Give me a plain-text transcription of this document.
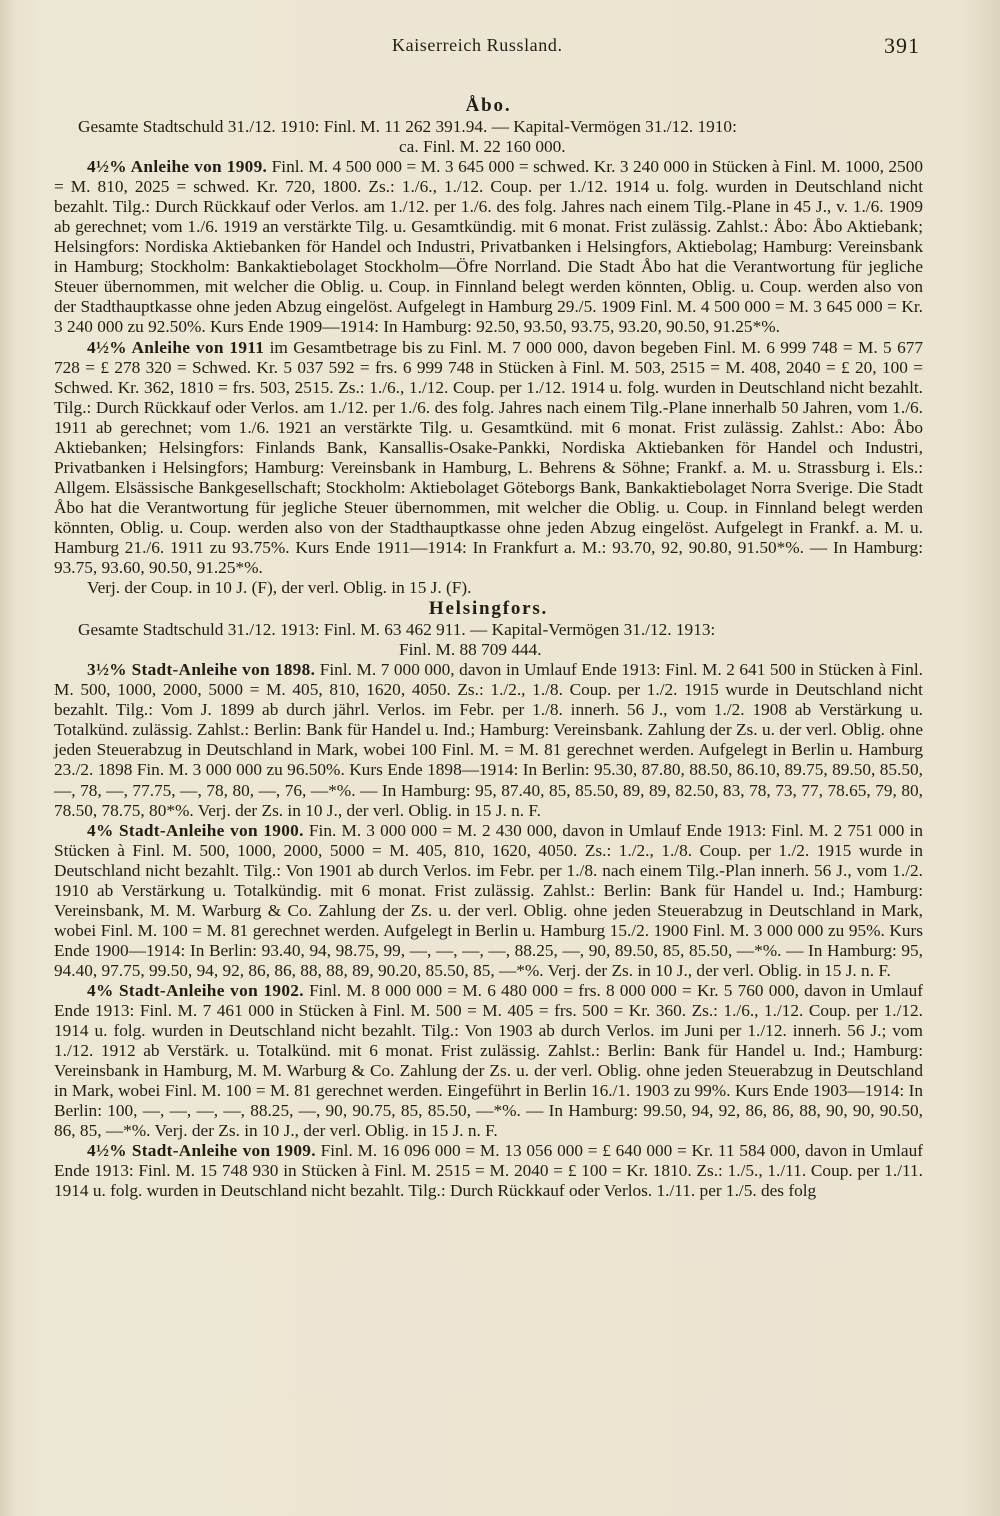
Kaiserreich Russland.	391

Åbo.

Gesamte Stadtschuld 31./12. 1910: Finl. M. 11 262 391.94. — Kapital-Vermögen 31./12. 1910:

ca. Finl. M. 22 160 000.

4½% Anleihe von 1909. Finl. M. 4 500 000 = M. 3 645 000 = schwed. Kr. 3 240 000 in Stücken à Finl. M. 1000, 2500 = M. 810, 2025 = schwed. Kr. 720, 1800. Zs.: 1./6., 1./12. Coup. per 1./12. 1914 u. folg. wurden in Deutschland nicht bezahlt. Tilg.: Durch Rückkauf oder Verlos. am 1./12. per 1./6. des folg. Jahres nach einem Tilg.-Plane in 45 J., v. 1./6. 1909 ab gerechnet; vom 1./6. 1919 an verstärkte Tilg. u. Gesamtkündig. mit 6 monat. Frist zulässig. Zahlst.: Åbo: Åbo Aktiebank; Helsingfors: Nordiska Aktiebanken för Handel och Industri, Privatbanken i Helsingfors, Aktiebolag; Hamburg: Vereinsbank in Hamburg; Stockholm: Bankaktiebolaget Stockholm—Öfre Norrland. Die Stadt Åbo hat die Verantwortung für jegliche Steuer übernommen, mit welcher die Oblig. u. Coup. in Finnland belegt werden könnten, Oblig. u. Coup. werden also von der Stadthauptkasse ohne jeden Abzug eingelöst. Aufgelegt in Hamburg 29./5. 1909 Finl. M. 4 500 000 = M. 3 645 000 = Kr. 3 240 000 zu 92.50%. Kurs Ende 1909—1914: In Hamburg: 92.50, 93.50, 93.75, 93.20, 90.50, 91.25*%.

4½% Anleihe von 1911 im Gesamtbetrage bis zu Finl. M. 7 000 000, davon begeben Finl. M. 6 999 748 = M. 5 677 728 = £ 278 320 = Schwed. Kr. 5 037 592 = frs. 6 999 748 in Stücken à Finl. M. 503, 2515 = M. 408, 2040 = £ 20, 100 = Schwed. Kr. 362, 1810 = frs. 503, 2515. Zs.: 1./6., 1./12. Coup. per 1./12. 1914 u. folg. wurden in Deutschland nicht bezahlt. Tilg.: Durch Rückkauf oder Verlos. am 1./12. per 1./6. des folg. Jahres nach einem Tilg.-Plane innerhalb 50 Jahren, vom 1./6. 1911 ab gerechnet; vom 1./6. 1921 an verstärkte Tilg. u. Gesamtkünd. mit 6 monat. Frist zulässig. Zahlst.: Abo: Åbo Aktiebanken; Helsingfors: Finlands Bank, Kansallis-Osake-Pankki, Nordiska Aktiebanken för Handel och Industri, Privatbanken i Helsingfors; Hamburg: Vereinsbank in Hamburg, L. Behrens & Söhne; Frankf. a. M. u. Strassburg i. Els.: Allgem. Elsässische Bankgesellschaft; Stockholm: Aktiebolaget Göteborgs Bank, Bankaktiebolaget Norra Sverige. Die Stadt Åbo hat die Verantwortung für jegliche Steuer übernommen, mit welcher die Oblig. u. Coup. in Finnland belegt werden könnten, Oblig. u. Coup. werden also von der Stadthauptkasse ohne jeden Abzug eingelöst. Aufgelegt in Frankf. a. M. u. Hamburg 21./6. 1911 zu 93.75%. Kurs Ende 1911—1914: In Frankfurt a. M.: 93.70, 92, 90.80, 91.50*%. — In Hamburg: 93.75, 93.60, 90.50, 91.25*%.

Verj. der Coup. in 10 J. (F), der verl. Oblig. in 15 J. (F).

Helsingfors.

Gesamte Stadtschuld 31./12. 1913: Finl. M. 63 462 911. — Kapital-Vermögen 31./12. 1913:

Finl. M. 88 709 444.

3½% Stadt-Anleihe von 1898. Finl. M. 7 000 000, davon in Umlauf Ende 1913: Finl. M. 2 641 500 in Stücken à Finl. M. 500, 1000, 2000, 5000 = M. 405, 810, 1620, 4050. Zs.: 1./2., 1./8. Coup. per 1./2. 1915 wurde in Deutschland nicht bezahlt. Tilg.: Vom J. 1899 ab durch jährl. Verlos. im Febr. per 1./8. innerh. 56 J., vom 1./2. 1908 ab Verstärkung u. Totalkünd. zulässig. Zahlst.: Berlin: Bank für Handel u. Ind.; Hamburg: Vereinsbank. Zahlung der Zs. u. der verl. Oblig. ohne jeden Steuerabzug in Deutschland in Mark, wobei 100 Finl. M. = M. 81 gerechnet werden. Aufgelegt in Berlin u. Hamburg 23./2. 1898 Fin. M. 3 000 000 zu 96.50%. Kurs Ende 1898—1914: In Berlin: 95.30, 87.80, 88.50, 86.10, 89.75, 89.50, 85.50, —, 78, —, 77.75, —, 78, 80, —, 76, —*%. — In Hamburg: 95, 87.40, 85, 85.50, 89, 89, 82.50, 83, 78, 73, 77, 78.65, 79, 80, 78.50, 78.75, 80*%. Verj. der Zs. in 10 J., der verl. Oblig. in 15 J. n. F.

4% Stadt-Anleihe von 1900. Fin. M. 3 000 000 = M. 2 430 000, davon in Umlauf Ende 1913: Finl. M. 2 751 000 in Stücken à Finl. M. 500, 1000, 2000, 5000 = M. 405, 810, 1620, 4050. Zs.: 1./2., 1./8. Coup. per 1./2. 1915 wurde in Deutschland nicht bezahlt. Tilg.: Von 1901 ab durch Verlos. im Febr. per 1./8. nach einem Tilg.-Plan innerh. 56 J., vom 1./2. 1910 ab Verstärkung u. Totalkündig. mit 6 monat. Frist zulässig. Zahlst.: Berlin: Bank für Handel u. Ind.; Hamburg: Vereinsbank, M. M. Warburg & Co. Zahlung der Zs. u. der verl. Oblig. ohne jeden Steuerabzug in Deutschland in Mark, wobei Finl. M. 100 = M. 81 gerechnet werden. Aufgelegt in Berlin u. Hamburg 15./2. 1900 Finl. M. 3 000 000 zu 95%. Kurs Ende 1900—1914: In Berlin: 93.40, 94, 98.75, 99, —, —, —, —, 88.25, —, 90, 89.50, 85, 85.50, —*%. — In Hamburg: 95, 94.40, 97.75, 99.50, 94, 92, 86, 86, 88, 88, 89, 90.20, 85.50, 85, —*%. Verj. der Zs. in 10 J., der verl. Oblig. in 15 J. n. F.

4% Stadt-Anleihe von 1902. Finl. M. 8 000 000 = M. 6 480 000 = frs. 8 000 000 = Kr. 5 760 000, davon in Umlauf Ende 1913: Finl. M. 7 461 000 in Stücken à Finl. M. 500 = M. 405 = frs. 500 = Kr. 360. Zs.: 1./6., 1./12. Coup. per 1./12. 1914 u. folg. wurden in Deutschland nicht bezahlt. Tilg.: Von 1903 ab durch Verlos. im Juni per 1./12. innerh. 56 J.; vom 1./12. 1912 ab Verstärk. u. Totalkünd. mit 6 monat. Frist zulässig. Zahlst.: Berlin: Bank für Handel u. Ind.; Hamburg: Vereinsbank in Hamburg, M. M. Warburg & Co. Zahlung der Zs. u. der verl. Oblig. ohne jeden Steuerabzug in Deutschland in Mark, wobei Finl. M. 100 = M. 81 gerechnet werden. Eingeführt in Berlin 16./1. 1903 zu 99%. Kurs Ende 1903—1914: In Berlin: 100, —, —, —, —, 88.25, —, 90, 90.75, 85, 85.50, —*%. — In Hamburg: 99.50, 94, 92, 86, 86, 88, 90, 90, 90.50, 86, 85, —*%. Verj. der Zs. in 10 J., der verl. Oblig. in 15 J. n. F.

4½% Stadt-Anleihe von 1909. Finl. M. 16 096 000 = M. 13 056 000 = £ 640 000 = Kr. 11 584 000, davon in Umlauf Ende 1913: Finl. M. 15 748 930 in Stücken à Finl. M. 2515 = M. 2040 = £ 100 = Kr. 1810. Zs.: 1./5., 1./11. Coup. per 1./11. 1914 u. folg. wurden in Deutschland nicht bezahlt. Tilg.: Durch Rückkauf oder Verlos. 1./11. per 1./5. des folg
